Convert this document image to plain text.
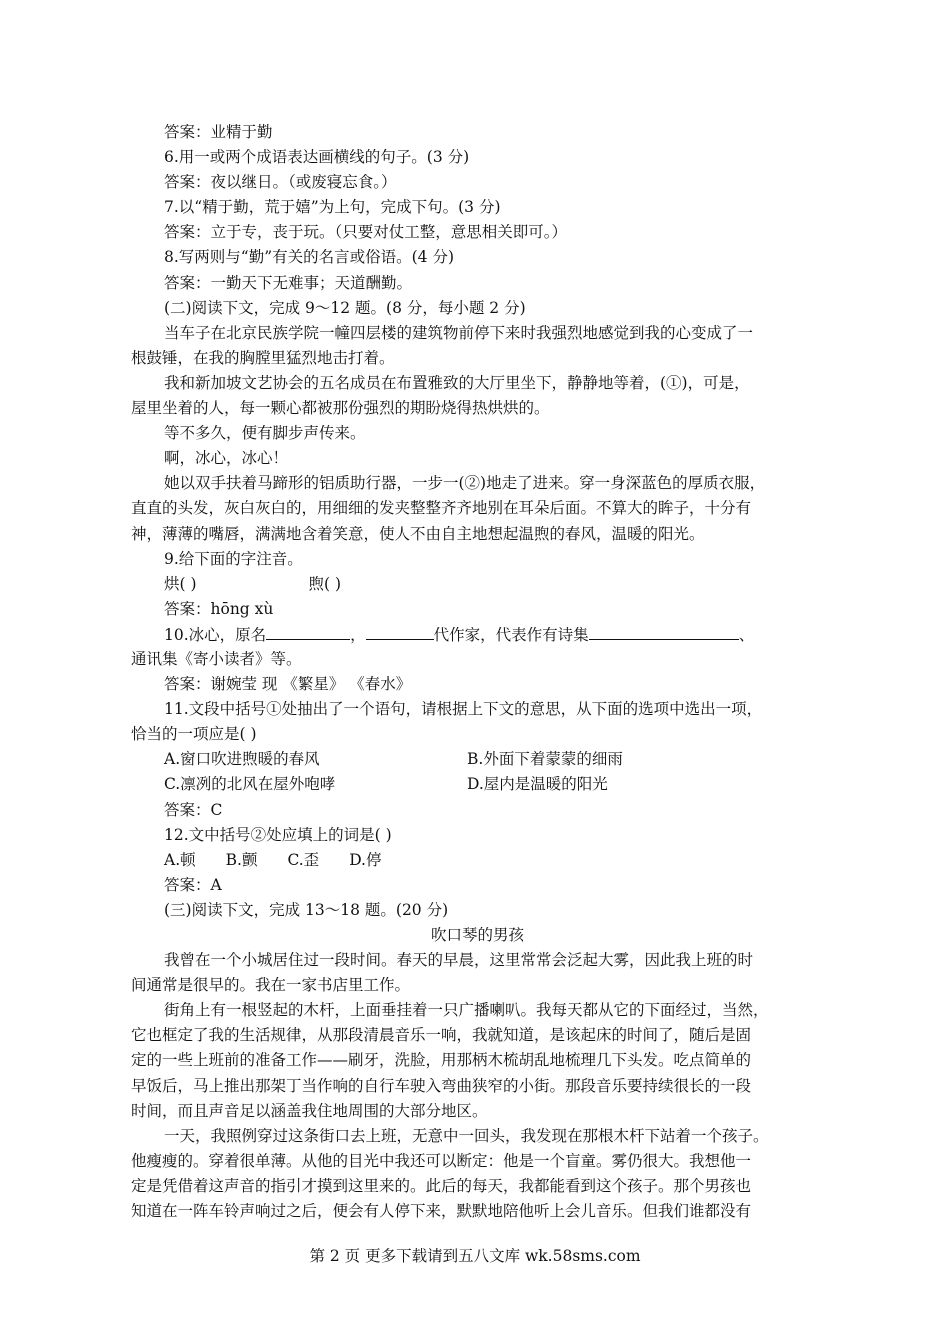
答案：业精于勤
6.用一或两个成语表达画横线的句子。(3 分)
答案：夜以继日。（或废寝忘食。）
7.以“精于勤，荒于嬉”为上句，完成下句。(3 分)
答案：立于专，丧于玩。（只要对仗工整，意思相关即可。）
8.写两则与“勤”有关的名言或俗语。(4 分)
答案：一勤天下无难事；天道酬勤。
(二)阅读下文，完成 9～12 题。(8 分，每小题 2 分)
当车子在北京民族学院一幢四层楼的建筑物前停下来时我强烈地感觉到我的心变成了一
根鼓锤，在我的胸膛里猛烈地击打着。
我和新加坡文艺协会的五名成员在布置雅致的大厅里坐下，静静地等着，(①)，可是，
屋里坐着的人，每一颗心都被那份强烈的期盼烧得热烘烘的。
等不多久，便有脚步声传来。
啊，冰心，冰心！
她以双手扶着马蹄形的铝质助行器，一步一(②)地走了进来。穿一身深蓝色的厚质衣服，
直直的头发，灰白灰白的，用细细的发夹整整齐齐地别在耳朵后面。不算大的眸子，十分有
神，薄薄的嘴唇，满满地含着笑意，使人不由自主地想起温煦的春风，温暖的阳光。
9.给下面的字注音。
烘( )	煦( )
答案：hōng xù
10.冰心，原名	，	代作家，代表作有诗集	、
通讯集《寄小读者》等。
答案：谢婉莹 现 《繁星》 《春水》
11.文段中括号①处抽出了一个语句，请根据上下文的意思，从下面的选项中选出一项，
恰当的一项应是( )
A.窗口吹进煦暖的春风	B.外面下着蒙蒙的细雨
C.凛冽的北风在屋外咆哮	D.屋内是温暖的阳光
答案：C
12.文中括号②处应填上的词是( )
A.顿 B.颤 C.歪 D.停
答案：A
(三)阅读下文，完成 13～18 题。(20 分)
吹口琴的男孩
我曾在一个小城居住过一段时间。春天的早晨，这里常常会泛起大雾，因此我上班的时
间通常是很早的。我在一家书店里工作。
街角上有一根竖起的木杆，上面垂挂着一只广播喇叭。我每天都从它的下面经过，当然，
它也框定了我的生活规律，从那段清晨音乐一响，我就知道，是该起床的时间了，随后是固
定的一些上班前的准备工作——刷牙，洗脸，用那柄木梳胡乱地梳理几下头发。吃点简单的
早饭后，马上推出那架丁当作响的自行车驶入弯曲狭窄的小街。那段音乐要持续很长的一段
时间，而且声音足以涵盖我住地周围的大部分地区。
一天，我照例穿过这条街口去上班，无意中一回头，我发现在那根木杆下站着一个孩子。
他瘦瘦的。穿着很单薄。从他的目光中我还可以断定：他是一个盲童。雾仍很大。我想他一
定是凭借着这声音的指引才摸到这里来的。此后的每天，我都能看到这个孩子。那个男孩也
知道在一阵车铃声响过之后，便会有人停下来，默默地陪他听上会儿音乐。但我们谁都没有
第 2 页 更多下载请到五八文库 wk.58sms.com
